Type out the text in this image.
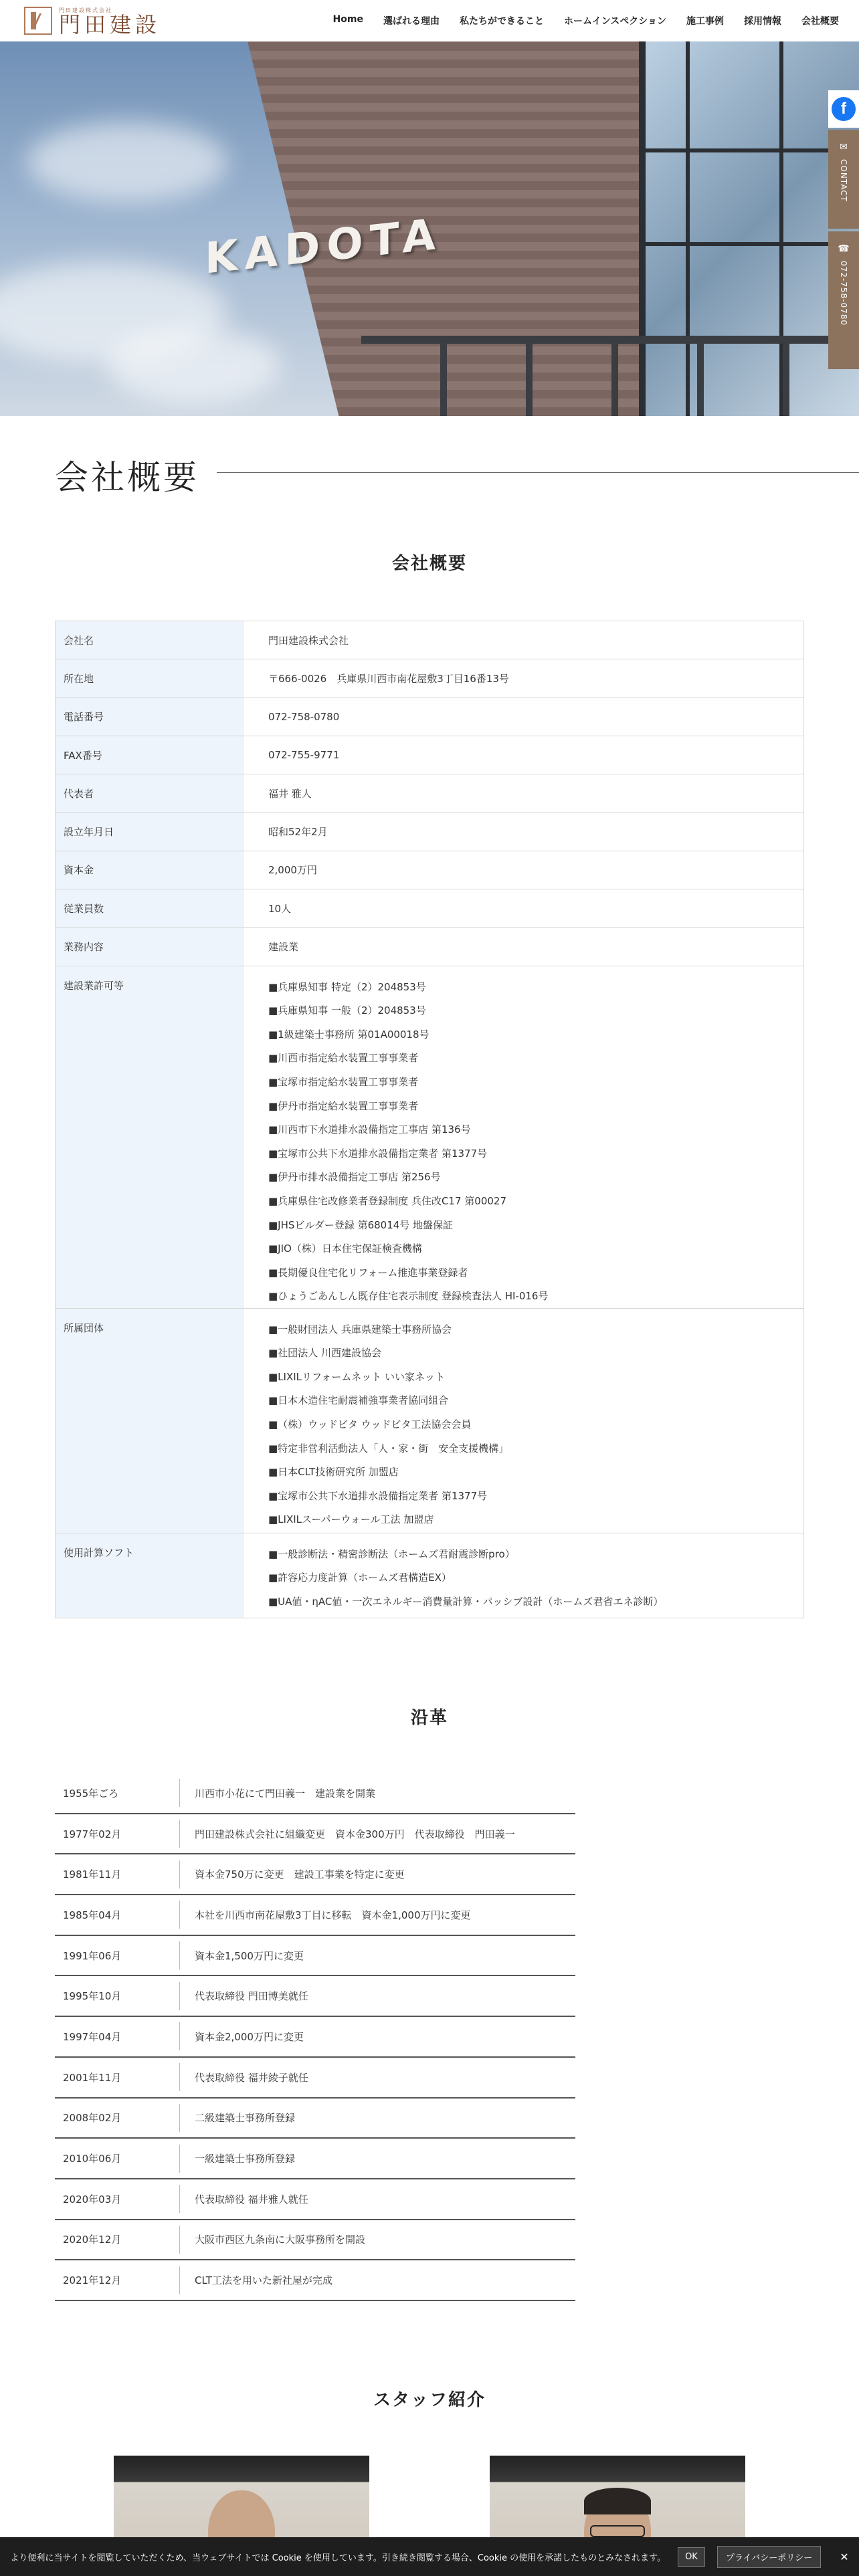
門田建設株式会社
門田建設	Home 選ばれる理由 私たちができること ホームインスペクション 施工事例 採用情報 会社概要
KADOTA
f
✉
CONTACT
☎
072-758-0780
会社概要
会社概要
会社名	門田建設株式会社
所在地	〒666-0026　兵庫県川西市南花屋敷3丁目16番13号
電話番号	072-758-0780
FAX番号	072-755-9771
代表者	福井 雅人
設立年月日	昭和52年2月
資本金	2,000万円
従業員数	10人
業務内容	建設業
建設業許可等	■兵庫県知事 特定（2）204853号
■兵庫県知事 一般（2）204853号
■1級建築士事務所 第01A00018号
■川西市指定給水装置工事事業者
■宝塚市指定給水装置工事事業者
■伊丹市指定給水装置工事事業者
■川西市下水道排水設備指定工事店 第136号
■宝塚市公共下水道排水設備指定業者 第1377号
■伊丹市排水設備指定工事店 第256号
■兵庫県住宅改修業者登録制度 兵住改C17 第00027
■JHSビルダー登録 第68014号 地盤保証
■JIO（株）日本住宅保証検査機構
■長期優良住宅化リフォーム推進事業登録者
■ひょうごあんしん既存住宅表示制度 登録検査法人 HI-016号
所属団体	■一般財団法人 兵庫県建築士事務所協会
■社団法人 川西建設協会
■LIXILリフォームネット いい家ネット
■日本木造住宅耐震補強事業者協同組合
■（株）ウッドビタ ウッドビタ工法協会会員
■特定非営利活動法人「人・家・街　安全支援機構」
■日本CLT技術研究所 加盟店
■宝塚市公共下水道排水設備指定業者 第1377号
■LIXILスーパーウォール工法 加盟店
使用計算ソフト	■一般診断法・精密診断法（ホームズ君耐震診断pro）
■許容応力度計算（ホームズ君構造EX）
■UA値・ηAC値・一次エネルギー消費量計算・パッシブ設計（ホームズ君省エネ診断）
沿革
1955年ごろ	川西市小花にて門田義一　建設業を開業
1977年02月	門田建設株式会社に組織変更　資本金300万円　代表取締役　門田義一
1981年11月	資本金750万に変更　建設工事業を特定に変更
1985年04月	本社を川西市南花屋敷3丁目に移転　資本金1,000万円に変更
1991年06月	資本金1,500万円に変更
1995年10月	代表取締役 門田博美就任
1997年04月	資本金2,000万円に変更
2001年11月	代表取締役 福井綾子就任
2008年02月	二級建築士事務所登録
2010年06月	一級建築士事務所登録
2020年03月	代表取締役 福井雅人就任
2020年12月	大阪市西区九条南に大阪事務所を開設
2021年12月	CLT工法を用いた新社屋が完成
スタッフ紹介
より便利に当サイトを閲覧していただくため、当ウェブサイトでは Cookie を使用しています。引き続き閲覧する場合、Cookie の使用を承諾したものとみなされます。	OK	プライバシーポリシー	✕
